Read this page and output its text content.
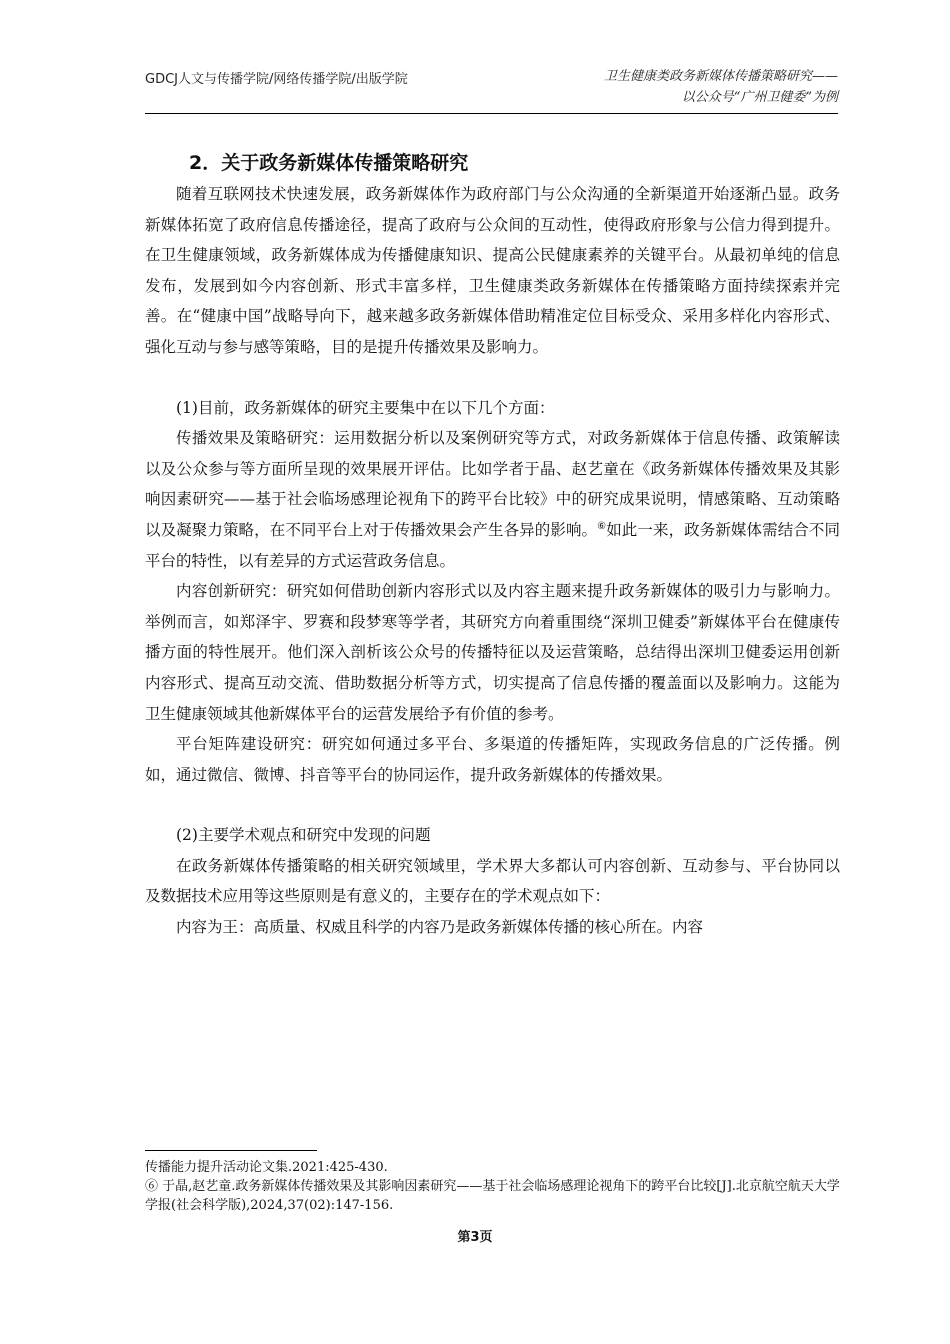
GDCJ人文与传播学院/网络传播学院/出版学院	卫生健康类政务新媒体传播策略研究——
以公众号“广州卫健委”为例
2．关于政务新媒体传播策略研究

随着互联网技术快速发展，政务新媒体作为政府部门与公众沟通的全新渠道开始逐渐凸显。政务新媒体拓宽了政府信息传播途径，提高了政府与公众间的互动性，使得政府形象与公信力得到提升。在卫生健康领域，政务新媒体成为传播健康知识、提高公民健康素养的关键平台。从最初单纯的信息发布，发展到如今内容创新、形式丰富多样，卫生健康类政务新媒体在传播策略方面持续探索并完善。在“健康中国”战略导向下，越来越多政务新媒体借助精准定位目标受众、采用多样化内容形式、强化互动与参与感等策略，目的是提升传播效果及影响力。

(1)目前，政务新媒体的研究主要集中在以下几个方面：

传播效果及策略研究：运用数据分析以及案例研究等方式，对政务新媒体于信息传播、政策解读以及公众参与等方面所呈现的效果展开评估。比如学者于晶、赵艺童在《政务新媒体传播效果及其影响因素研究——基于社会临场感理论视角下的跨平台比较》中的研究成果说明，情感策略、互动策略以及凝聚力策略，在不同平台上对于传播效果会产生各异的影响。⑥如此一来，政务新媒体需结合不同平台的特性，以有差异的方式运营政务信息。

内容创新研究：研究如何借助创新内容形式以及内容主题来提升政务新媒体的吸引力与影响力。举例而言，如郑泽宇、罗赛和段梦寒等学者，其研究方向着重围绕“深圳卫健委”新媒体平台在健康传播方面的特性展开。他们深入剖析该公众号的传播特征以及运营策略，总结得出深圳卫健委运用创新内容形式、提高互动交流、借助数据分析等方式，切实提高了信息传播的覆盖面以及影响力。这能为卫生健康领域其他新媒体平台的运营发展给予有价值的参考。

平台矩阵建设研究：研究如何通过多平台、多渠道的传播矩阵，实现政务信息的广泛传播。例如，通过微信、微博、抖音等平台的协同运作，提升政务新媒体的传播效果。

(2)主要学术观点和研究中发现的问题

在政务新媒体传播策略的相关研究领域里，学术界大多都认可内容创新、互动参与、平台协同以及数据技术应用等这些原则是有意义的，主要存在的学术观点如下：

内容为王：高质量、权威且科学的内容乃是政务新媒体传播的核心所在。内容

传播能力提升活动论文集.2021:425-430.
⑥ 于晶,赵艺童.政务新媒体传播效果及其影响因素研究——基于社会临场感理论视角下的跨平台比较[J].北京航空航天大学学报(社会科学版),2024,37(02):147-156.
第3页
